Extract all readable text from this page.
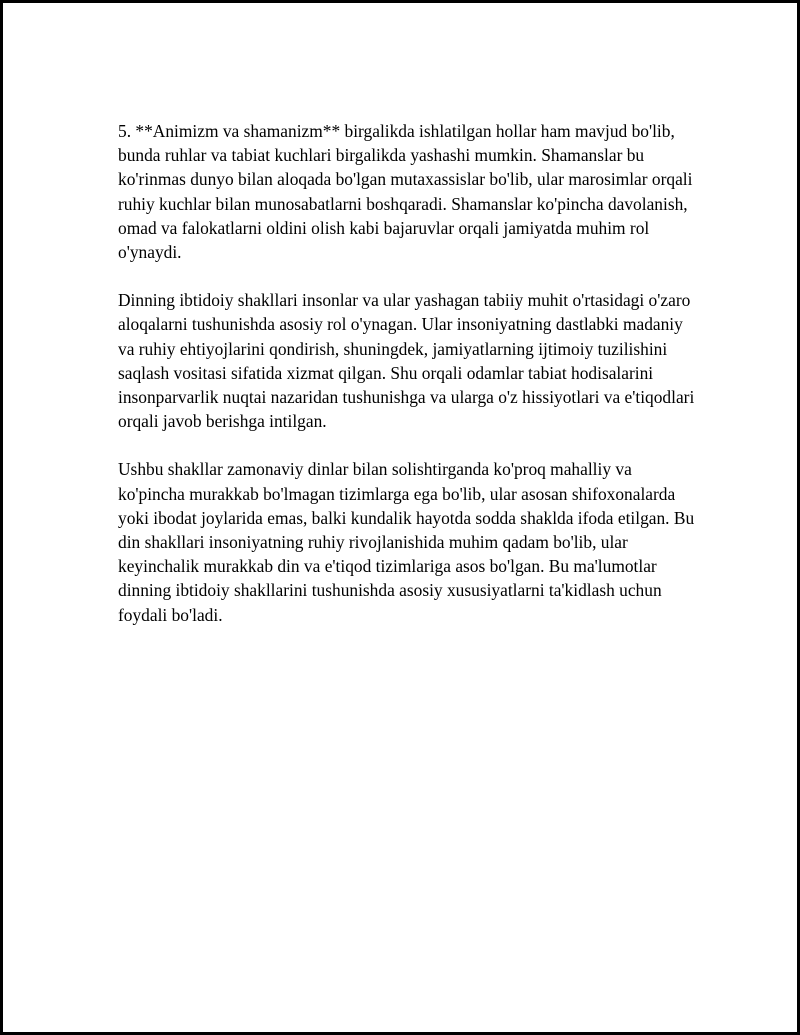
5. **Animizm va shamanizm** birgalikda ishlatilgan hollar ham mavjud bo'lib, bunda ruhlar va tabiat kuchlari birgalikda yashashi mumkin. Shamanslar bu ko'rinmas dunyo bilan aloqada bo'lgan mutaxassislar bo'lib, ular marosimlar orqali ruhiy kuchlar bilan munosabatlarni boshqaradi. Shamanslar ko'pincha davolanish, omad va falokatlarni oldini olish kabi bajaruvlar orqali jamiyatda muhim rol o'ynaydi.

Dinning ibtidoiy shakllari insonlar va ular yashagan tabiiy muhit o'rtasidagi o'zaro aloqalarni tushunishda asosiy rol o'ynagan. Ular insoniyatning dastlabki madaniy va ruhiy ehtiyojlarini qondirish, shuningdek, jamiyatlarning ijtimoiy tuzilishini saqlash vositasi sifatida xizmat qilgan. Shu orqali odamlar tabiat hodisalarini insonparvarlik nuqtai nazaridan tushunishga va ularga o'z hissiyotlari va e'tiqodlari orqali javob berishga intilgan.

Ushbu shakllar zamonaviy dinlar bilan solishtirganda ko'proq mahalliy va ko'pincha murakkab bo'lmagan tizimlarga ega bo'lib, ular asosan shifoxonalarda yoki ibodat joylarida emas, balki kundalik hayotda sodda shaklda ifoda etilgan. Bu din shakllari insoniyatning ruhiy rivojlanishida muhim qadam bo'lib, ular keyinchalik murakkab din va e'tiqod tizimlariga asos bo'lgan. Bu ma'lumotlar dinning ibtidoiy shakllarini tushunishda asosiy xususiyatlarni ta'kidlash uchun foydali bo'ladi.
